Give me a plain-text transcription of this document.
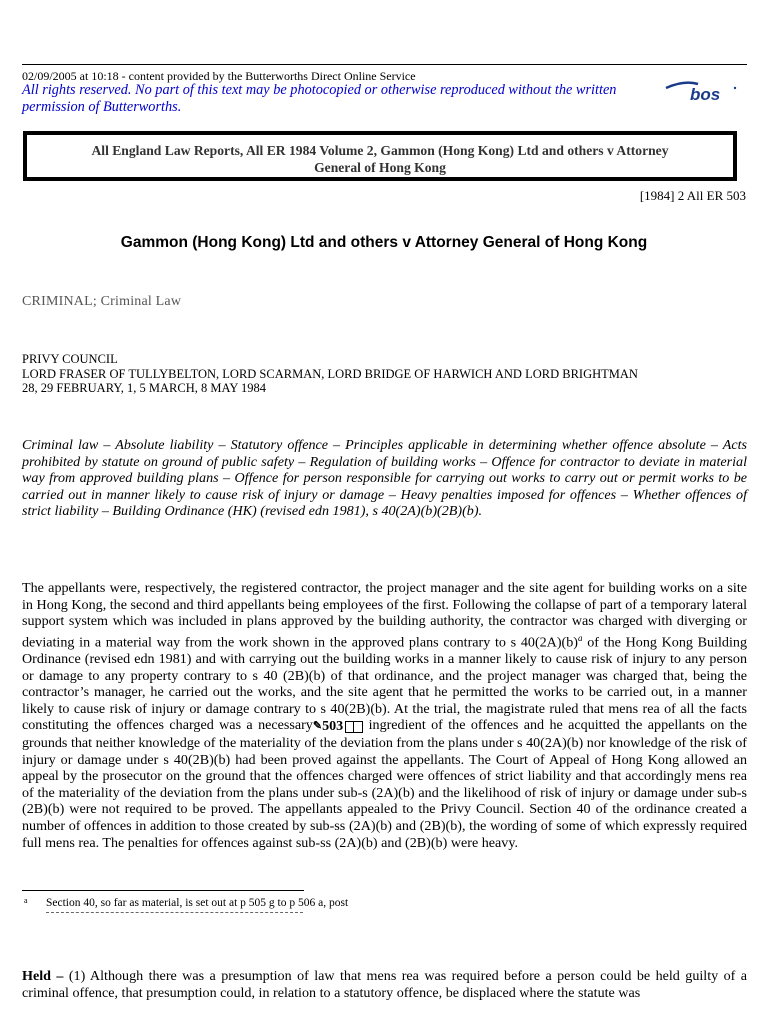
02/09/2005 at 10:18 - content provided by the Butterworths Direct Online Service
All rights reserved. No part of this text may be photocopied or otherwise reproduced without the written permission of Butterworths.
bos
All England Law Reports, All ER 1984 Volume 2, Gammon (Hong Kong) Ltd and others v Attorney
General of Hong Kong
[1984] 2 All ER 503
Gammon (Hong Kong) Ltd and others v Attorney General of Hong Kong
CRIMINAL; Criminal Law
PRIVY COUNCIL
LORD FRASER OF TULLYBELTON, LORD SCARMAN, LORD BRIDGE OF HARWICH AND LORD BRIGHTMAN
28, 29 FEBRUARY, 1, 5 MARCH, 8 MAY 1984
Criminal law – Absolute liability – Statutory offence – Principles applicable in determining whether offence absolute – Acts prohibited by statute on ground of public safety – Regulation of building works – Offence for contractor to deviate in material way from approved building plans – Offence for person responsible for carrying out works to carry out or permit works to be carried out in manner likely to cause risk of injury or damage – Heavy penalties imposed for offences – Whether offences of strict liability – Building Ordinance (HK) (revised edn 1981), s 40(2A)(b)(2B)(b).
The appellants were, respectively, the registered contractor, the project manager and the site agent for building works on a site in Hong Kong, the second and third appellants being employees of the first. Following the collapse of part of a temporary lateral support system which was included in plans approved by the building authority, the contractor was charged with diverging or deviating in a material way from the work shown in the approved plans contrary to s 40(2A)(b)$^a$ of the Hong Kong Building Ordinance (revised edn 1981) and with carrying out the building works in a manner likely to cause risk of injury to any person or damage to any property contrary to s 40 (2B)(b) of that ordinance, and the project manager was charged that, being the contractor’s manager, he carried out the works, and the site agent that he permitted the works to be carried out, in a manner likely to cause risk of injury or damage contrary to s 40(2B)(b). At the trial, the magistrate ruled that mens rea of all the facts constituting the offences charged was a necessary ✎ 503 ingredient of the offences and he acquitted the appellants on the grounds that neither knowledge of the materiality of the deviation from the plans under s 40(2A)(b) nor knowledge of the risk of injury or damage under s 40(2B)(b) had been proved against the appellants. The Court of Appeal of Hong Kong allowed an appeal by the prosecutor on the ground that the offences charged were offences of strict liability and that accordingly mens rea of the materiality of the deviation from the plans under sub-s (2A)(b) and the likelihood of risk of injury or damage under sub-s (2B)(b) were not required to be proved. The appellants appealed to the Privy Council. Section 40 of the ordinance created a number of offences in addition to those created by sub-ss (2A)(b) and (2B)(b), the wording of some of which expressly required full mens rea. The penalties for offences against sub-ss (2A)(b) and (2B)(b) were heavy.
a Section 40, so far as material, is set out at p 505 g to p 506 a, post
Held – (1) Although there was a presumption of law that mens rea was required before a person could be held guilty of a criminal offence, that presumption could, in relation to a statutory offence, be displaced where the statute was
